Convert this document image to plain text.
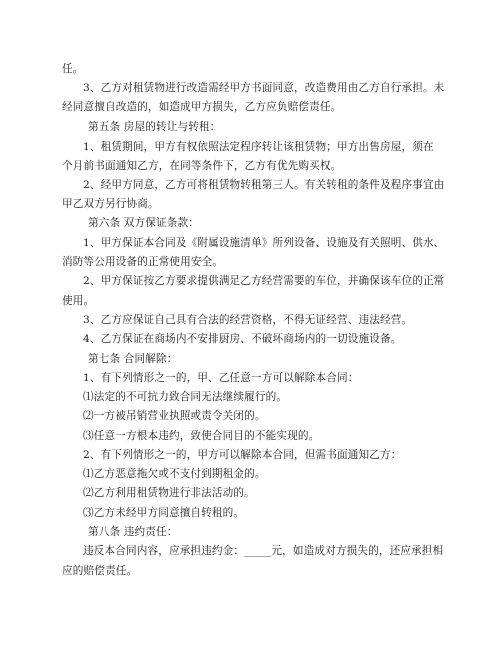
任。
3、乙方对租赁物进行改造需经甲方书面同意，改造费用由乙方自行承担。未
经同意擅自改造的，如造成甲方损失，乙方应负赔偿责任。
第五条 房屋的转让与转租：
1、租赁期间，甲方有权依照法定程序转让该租赁物；甲方出售房屋，须在
个月前书面通知乙方，在同等条件下，乙方有优先购买权。
2、经甲方同意，乙方可将租赁物转租第三人。有关转租的条件及程序事宜由
甲乙双方另行协商。
第六条 双方保证条款：
1、甲方保证本合同及《附属设施清单》所列设备、设施及有关照明、供水、
消防等公用设备的正常使用安全。
2、甲方保证按乙方要求提供满足乙方经营需要的车位，并确保该车位的正常
使用。
3、乙方应保证自己具有合法的经营资格，不得无证经营、违法经营。
4、乙方保证在商场内不安排厨房、不破坏商场内的一切设施设备。
第七条 合同解除：
1、有下列情形之一的，甲、乙任意一方可以解除本合同：
⑴法定的不可抗力致合同无法继续履行的。
⑵一方被吊销营业执照或责令关闭的。
⑶任意一方根本违约，致使合同目的不能实现的。
2、有下列情形之一的，甲方可以解除本合同，但需书面通知乙方：
⑴乙方恶意拖欠或不支付到期租金的。
⑵乙方利用租赁物进行非法活动的。
⑶乙方未经甲方同意擅自转租的。
第八条 违约责任：
违反本合同内容，应承担违约金：_____元，如造成对方损失的，还应承担相
应的赔偿责任。
